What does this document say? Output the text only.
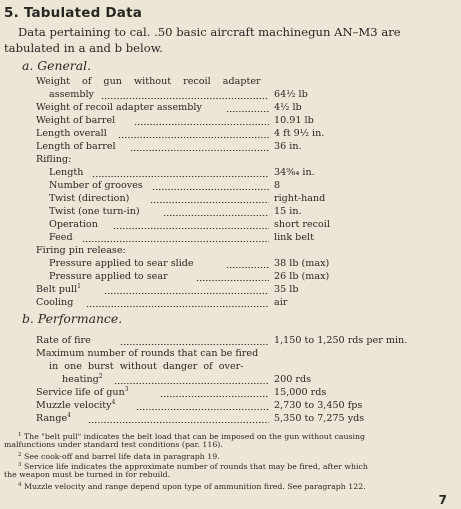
5. Tabulated Data

Data pertaining to cal. .50 basic aircraft machinegun AN–M3 are

tabulated in a and b below.

a. General.
Weight of gun without recoil adapter
assembly	64½ lb
Weight of recoil adapter assembly	4½ lb
Weight of barrel	10.91 lb
Length overall	4 ft 9½ in.
Length of barrel	36 in.
Rifling:
Length	34⁹⁄₆₄ in.
Number of grooves	8
Twist (direction)	right-hand
Twist (one turn-in)	15 in.
Operation	short recoil
Feed	link belt
Firing pin release:
Pressure applied to sear slide	38 lb (max)
Pressure applied to sear	26 lb (max)
Belt pull$^1$	35 lb
Cooling	air
b. Performance.
Rate of fire	1,150 to 1,250 rds per min.
Maximum number of rounds that can be fired
in one burst without danger of over-
heating$^2$	200 rds
Service life of gun$^3$	15,000 rds
Muzzle velocity$^4$	2,730 to 3,450 fps
Range$^4$	5,350 to 7,275 yds
$^1$ The "belt pull" indicates the belt load that can be imposed on the gun without causing
malfunctions under standard test conditions (par. 116).
$^2$ See cook-off and barrel life data in paragraph 19.
$^3$ Service life indicates the approximate number of rounds that may be fired, after which
the weapon must be turned in for rebuild.
$^4$ Muzzle velocity and range depend upon type of ammunition fired. See paragraph 122.
7
